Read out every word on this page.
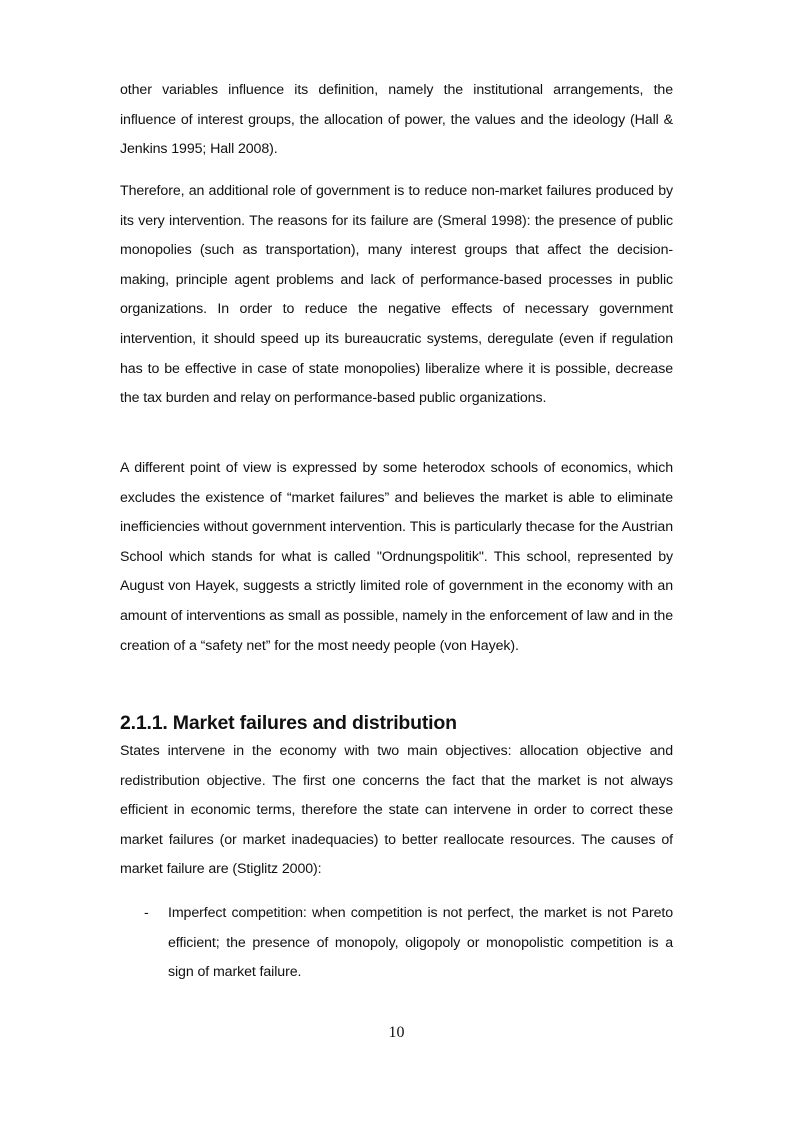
other variables influence its definition, namely the institutional arrangements, the influence of interest groups, the allocation of power, the values and the ideology (Hall & Jenkins 1995; Hall 2008).

Therefore, an additional role of government is to reduce non-market failures produced by its very intervention. The reasons for its failure are (Smeral 1998): the presence of public monopolies (such as transportation), many interest groups that affect the decision-making, principle agent problems and lack of performance-based processes in public organizations. In order to reduce the negative effects of necessary government intervention, it should speed up its bureaucratic systems, deregulate (even if regulation has to be effective in case of state monopolies) liberalize where it is possible, decrease the tax burden and relay on performance-based public organizations.

A different point of view is expressed by some heterodox schools of economics, which excludes the existence of “market failures” and believes the market is able to eliminate inefficiencies without government intervention. This is particularly thecase for the Austrian School which stands for what is called "Ordnungspolitik". This school, represented by August von Hayek, suggests a strictly limited role of government in the economy with an amount of interventions as small as possible, namely in the enforcement of law and in the creation of a “safety net” for the most needy people (von Hayek).

2.1.1. Market failures and distribution

States intervene in the economy with two main objectives: allocation objective and redistribution objective. The first one concerns the fact that the market is not always efficient in economic terms, therefore the state can intervene in order to correct these market failures (or market inadequacies) to better reallocate resources. The causes of market failure are (Stiglitz 2000):

- Imperfect competition: when competition is not perfect, the market is not Pareto efficient; the presence of monopoly, oligopoly or monopolistic competition is a sign of market failure.

10
